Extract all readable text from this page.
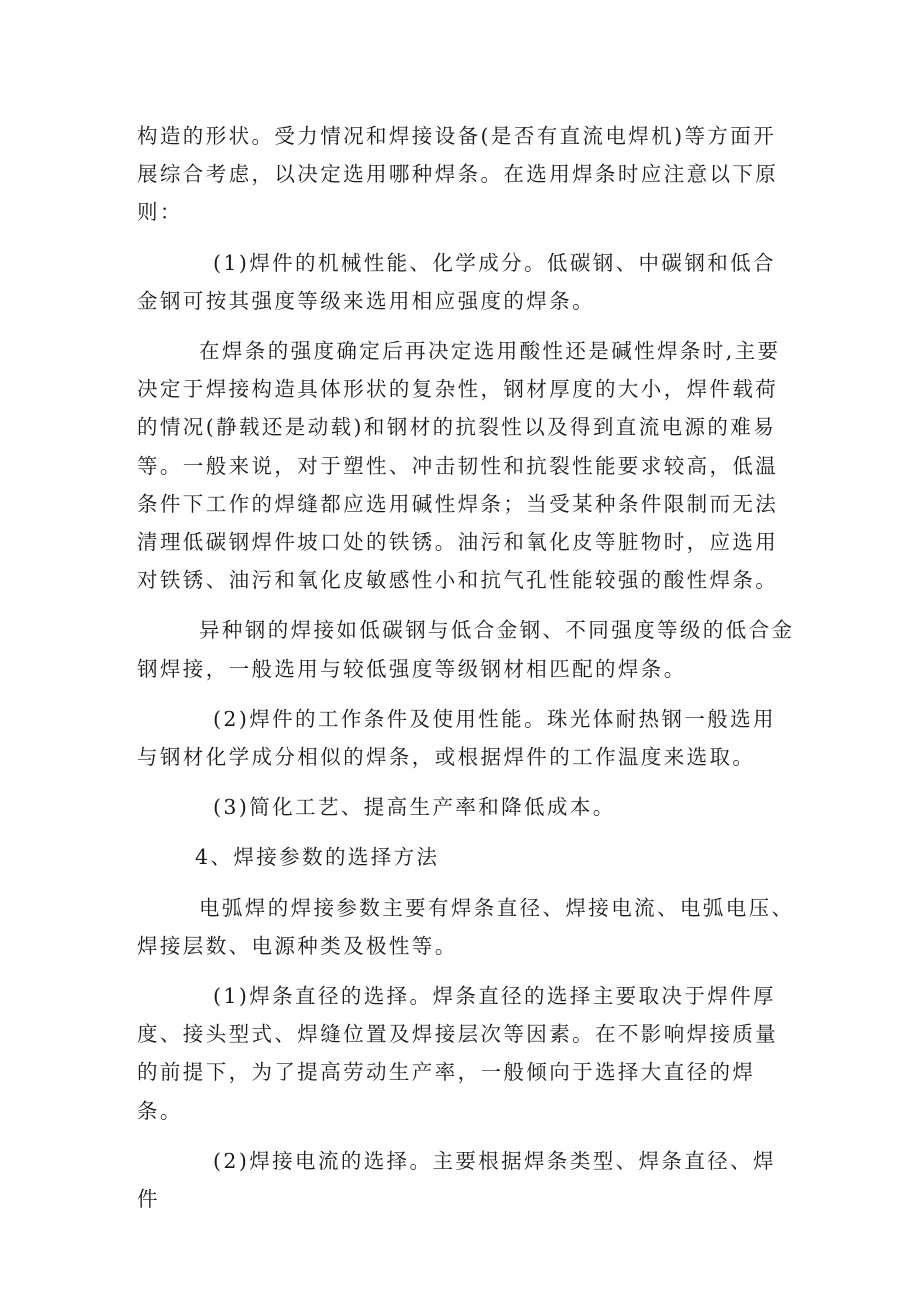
构造的形状。受力情况和焊接设备(是否有直流电焊机)等方面开展综合考虑，以决定选用哪种焊条。在选用焊条时应注意以下原则：

(1)焊件的机械性能、化学成分。低碳钢、中碳钢和低合金钢可按其强度等级来选用相应强度的焊条。

在焊条的强度确定后再决定选用酸性还是碱性焊条时,主要决定于焊接构造具体形状的复杂性，钢材厚度的大小，焊件载荷的情况(静载还是动载)和钢材的抗裂性以及得到直流电源的难易等。一般来说，对于塑性、冲击韧性和抗裂性能要求较高，低温条件下工作的焊缝都应选用碱性焊条；当受某种条件限制而无法清理低碳钢焊件坡口处的铁锈。油污和氧化皮等脏物时，应选用对铁锈、油污和氧化皮敏感性小和抗气孔性能较强的酸性焊条。

异种钢的焊接如低碳钢与低合金钢、不同强度等级的低合金钢焊接，一般选用与较低强度等级钢材相匹配的焊条。

(2)焊件的工作条件及使用性能。珠光体耐热钢一般选用与钢材化学成分相似的焊条，或根据焊件的工作温度来选取。

(3)简化工艺、提高生产率和降低成本。

4、焊接参数的选择方法

电弧焊的焊接参数主要有焊条直径、焊接电流、电弧电压、焊接层数、电源种类及极性等。

(1)焊条直径的选择。焊条直径的选择主要取决于焊件厚度、接头型式、焊缝位置及焊接层次等因素。在不影响焊接质量的前提下，为了提高劳动生产率，一般倾向于选择大直径的焊条。

(2)焊接电流的选择。主要根据焊条类型、焊条直径、焊件
